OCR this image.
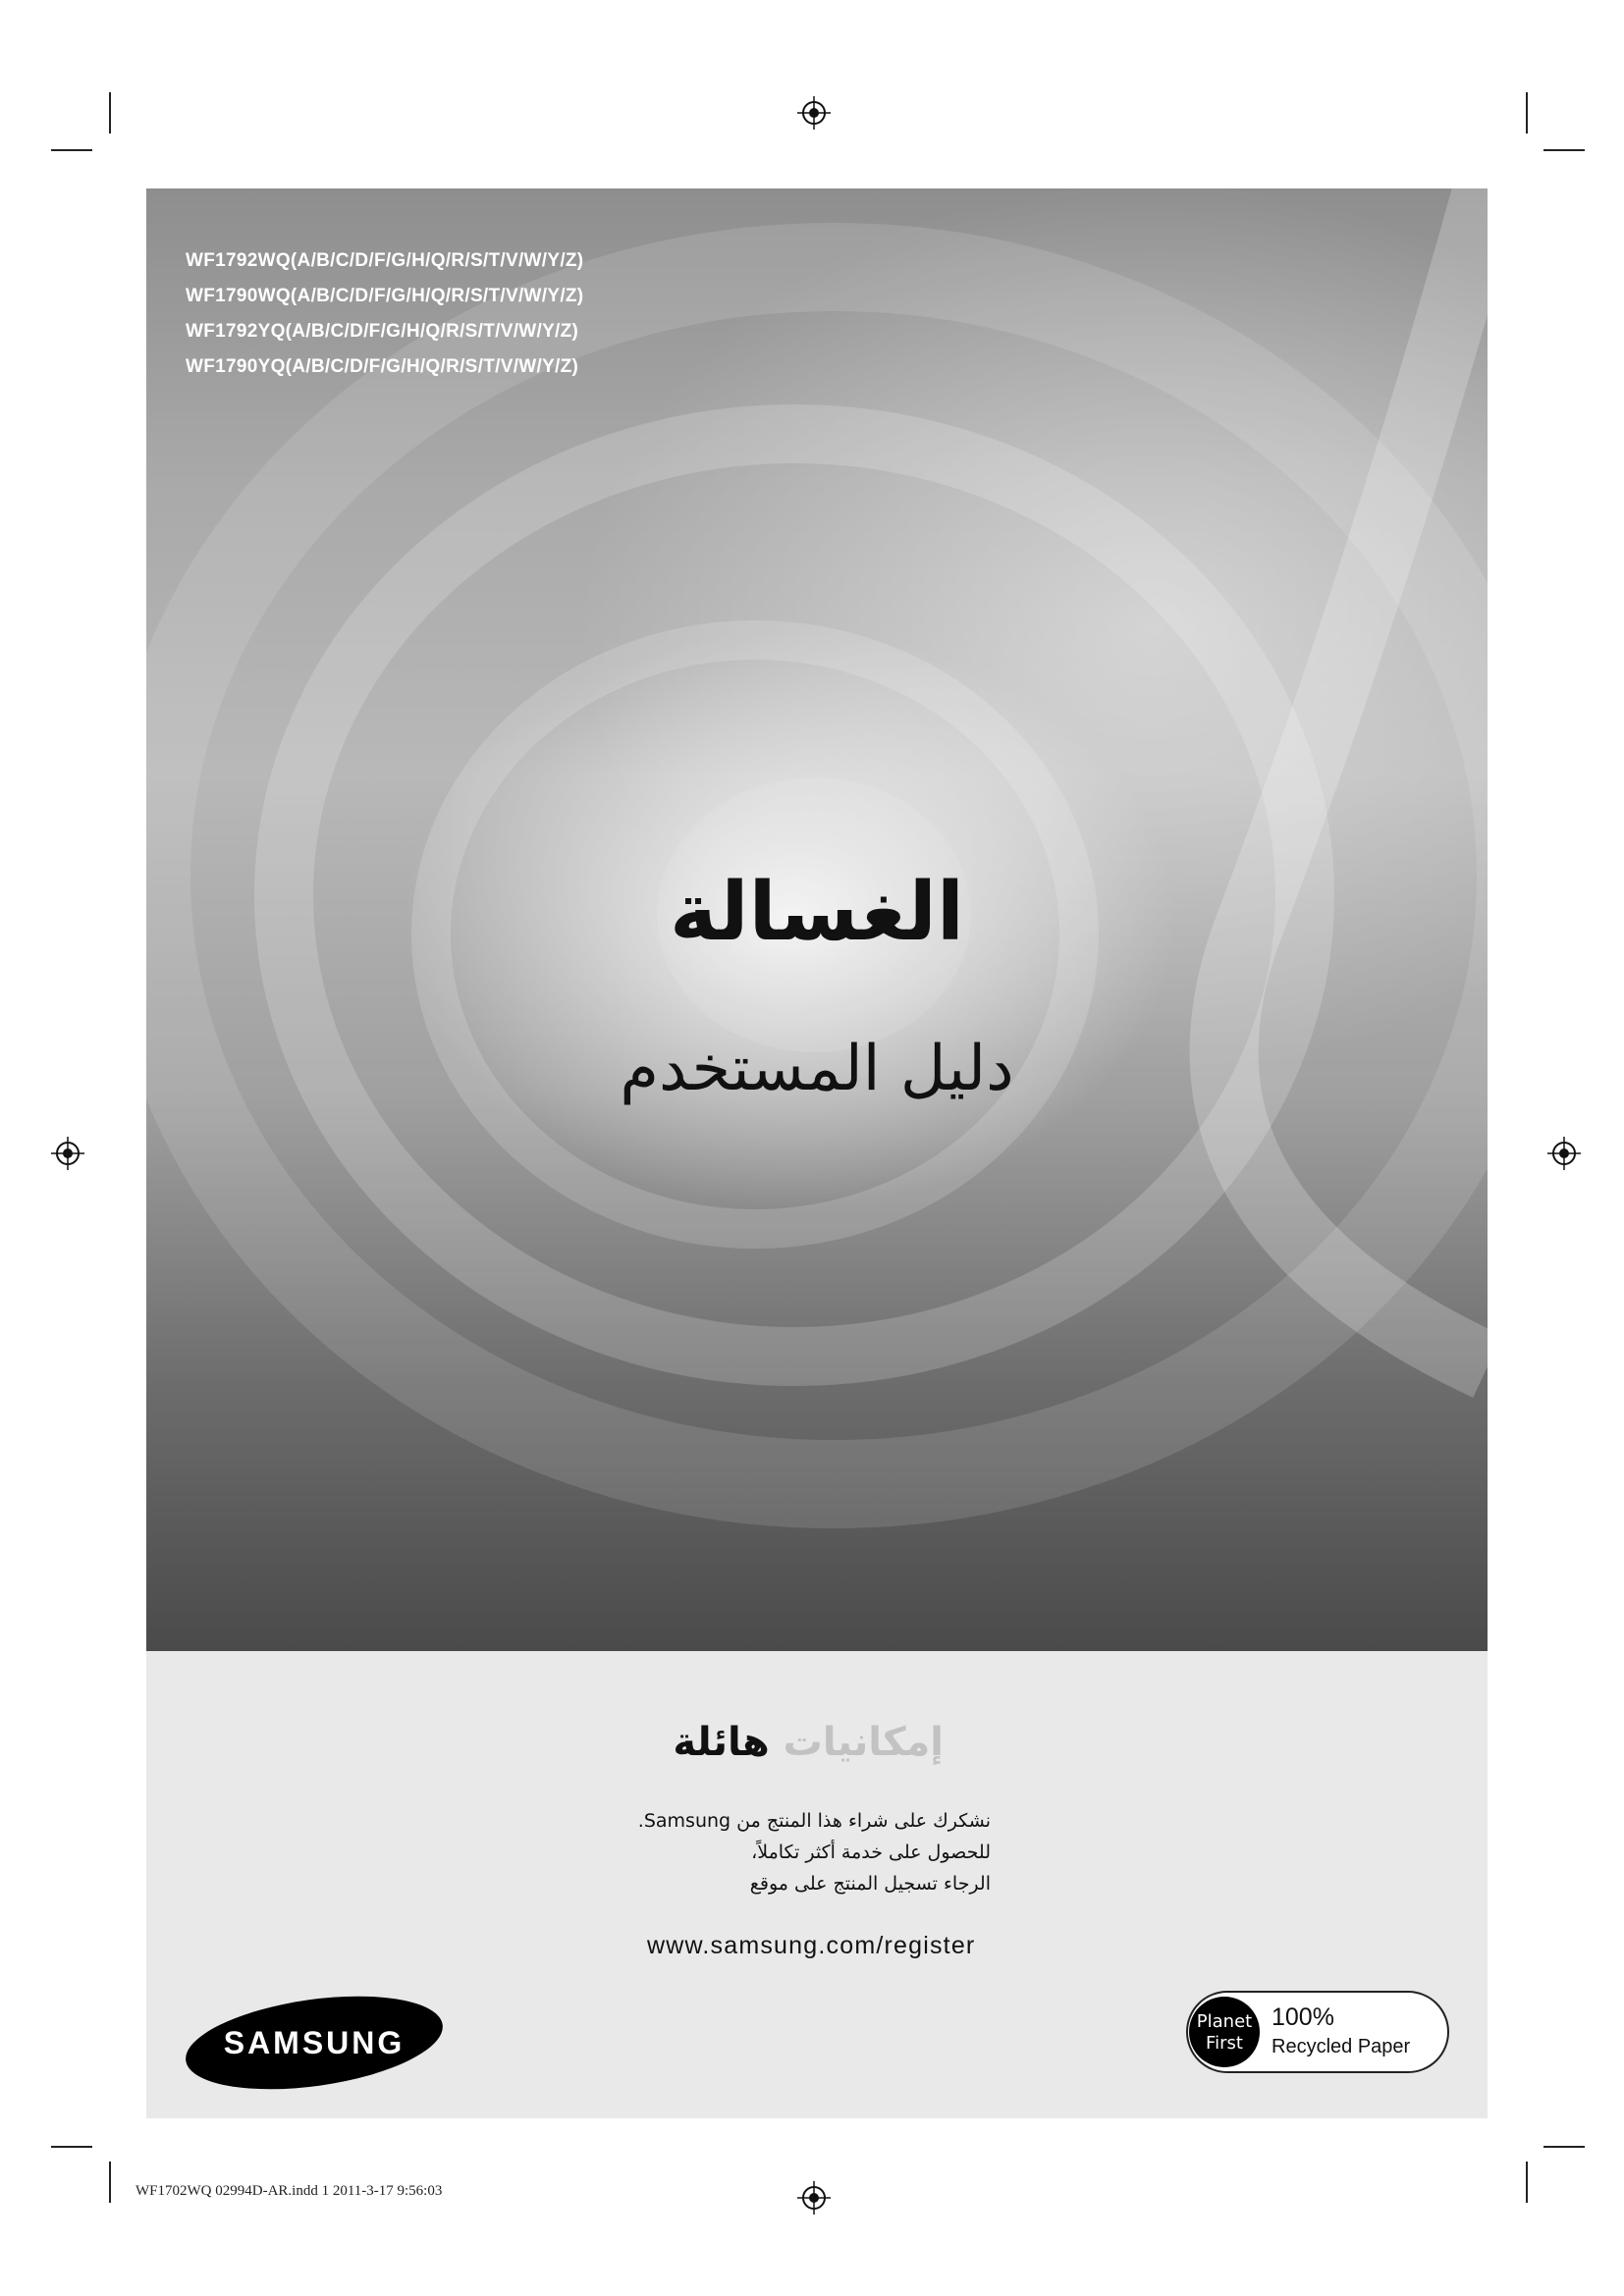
WF1792WQ(A/B/C/D/F/G/H/Q/R/S/T/V/W/Y/Z)
WF1790WQ(A/B/C/D/F/G/H/Q/R/S/T/V/W/Y/Z)
WF1792YQ(A/B/C/D/F/G/H/Q/R/S/T/V/W/Y/Z)
WF1790YQ(A/B/C/D/F/G/H/Q/R/S/T/V/W/Y/Z)
الغسالة
دليل المستخدم
إمكانيات هائلة
نشكرك على شراء هذا المنتج من Samsung.
للحصول على خدمة أكثر تكاملاً،
الرجاء تسجيل المنتج على موقع
www.samsung.com/register
SAMSUNG
Planet
First
100%
Recycled Paper
WF1702WQ 02994D-AR.indd 1 2011-3-17 9:56:03
